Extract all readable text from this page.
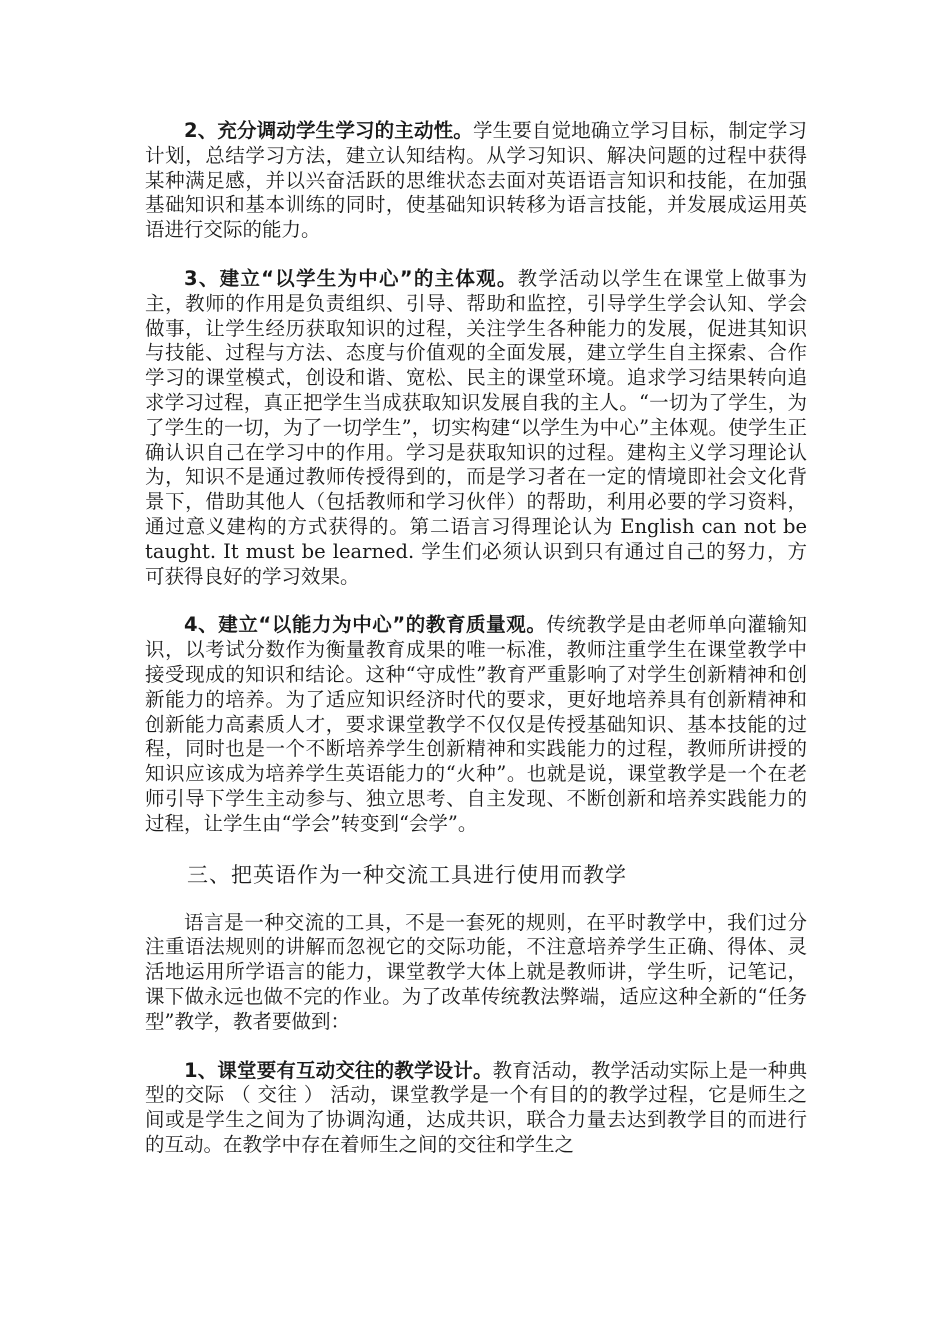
2、充分调动学生学习的主动性。学生要自觉地确立学习目标，制定学习计划，总结学习方法，建立认知结构。从学习知识、解决问题的过程中获得某种满足感，并以兴奋活跃的思维状态去面对英语语言知识和技能，在加强基础知识和基本训练的同时，使基础知识转移为语言技能，并发展成运用英语进行交际的能力。

3、建立“以学生为中心”的主体观。教学活动以学生在课堂上做事为主，教师的作用是负责组织、引导、帮助和监控，引导学生学会认知、学会做事，让学生经历获取知识的过程，关注学生各种能力的发展，促进其知识与技能、过程与方法、态度与价值观的全面发展，建立学生自主探索、合作学习的课堂模式，创设和谐、宽松、民主的课堂环境。追求学习结果转向追求学习过程，真正把学生当成获取知识发展自我的主人。“一切为了学生，为了学生的一切，为了一切学生”，切实构建“以学生为中心”主体观。使学生正确认识自己在学习中的作用。学习是获取知识的过程。建构主义学习理论认为，知识不是通过教师传授得到的，而是学习者在一定的情境即社会文化背景下，借助其他人（包括教师和学习伙伴）的帮助，利用必要的学习资料，通过意义建构的方式获得的。第二语言习得理论认为 English can not be taught. It must be learned. 学生们必须认识到只有通过自己的努力，方可获得良好的学习效果。

4、建立“以能力为中心”的教育质量观。传统教学是由老师单向灌输知识，以考试分数作为衡量教育成果的唯一标准，教师注重学生在课堂教学中接受现成的知识和结论。这种“守成性”教育严重影响了对学生创新精神和创新能力的培养。为了适应知识经济时代的要求，更好地培养具有创新精神和创新能力高素质人才，要求课堂教学不仅仅是传授基础知识、基本技能的过程，同时也是一个不断培养学生创新精神和实践能力的过程，教师所讲授的知识应该成为培养学生英语能力的“火种”。也就是说，课堂教学是一个在老师引导下学生主动参与、独立思考、自主发现、不断创新和培养实践能力的过程，让学生由“学会”转变到“会学”。

三、把英语作为一种交流工具进行使用而教学

语言是一种交流的工具，不是一套死的规则，在平时教学中，我们过分注重语法规则的讲解而忽视它的交际功能，不注意培养学生正确、得体、灵活地运用所学语言的能力，课堂教学大体上就是教师讲，学生听，记笔记，课下做永远也做不完的作业。为了改革传统教法弊端，适应这种全新的“任务型”教学，教者要做到：

1、课堂要有互动交往的教学设计。教育活动，教学活动实际上是一种典型的交际 （ 交往 ） 活动，课堂教学是一个有目的的教学过程，它是师生之间或是学生之间为了协调沟通，达成共识，联合力量去达到教学目的而进行的互动。在教学中存在着师生之间的交往和学生之
